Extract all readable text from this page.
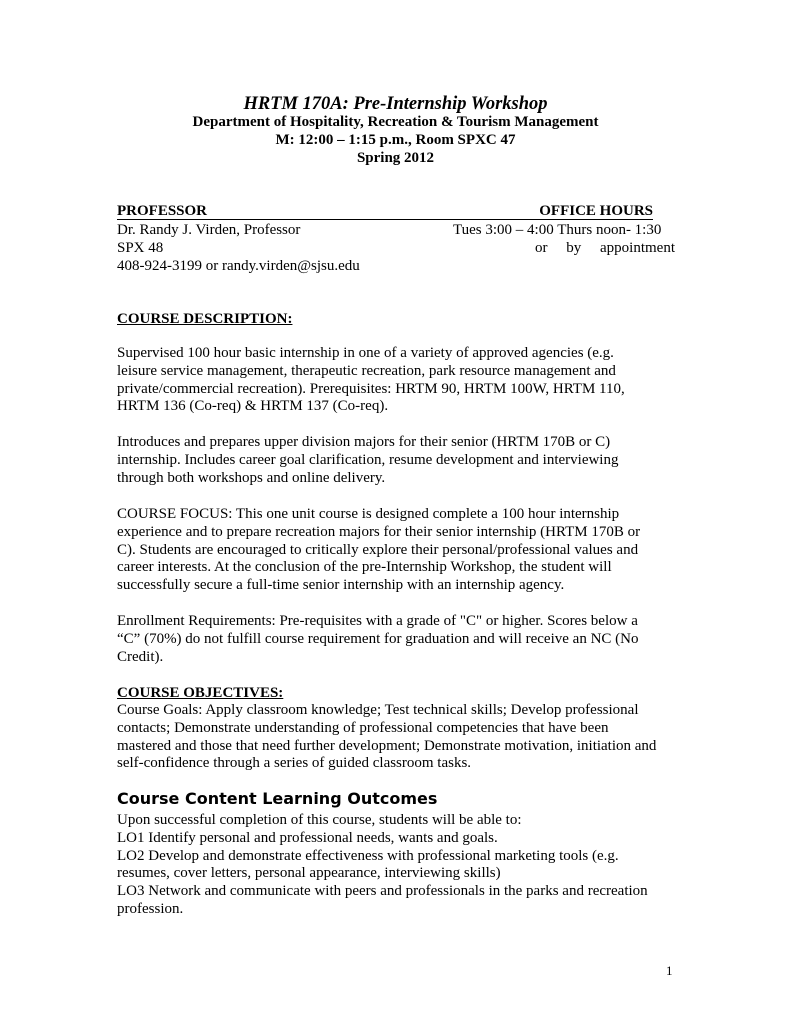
HRTM 170A: Pre-Internship Workshop
Department of Hospitality, Recreation & Tourism Management
M: 12:00 – 1:15 p.m., Room SPXC 47
Spring 2012
PROFESSOR	OFFICE HOURS
Dr. Randy J. Virden, Professor	Tues 3:00 – 4:00 Thurs noon- 1:30
SPX 48	or by appointment
408-924-3199 or randy.virden@sjsu.edu
COURSE DESCRIPTION:
Supervised 100 hour basic internship in one of a variety of approved agencies (e.g.
leisure service management, therapeutic recreation, park resource management and
private/commercial recreation). Prerequisites: HRTM 90, HRTM 100W, HRTM 110,
HRTM 136 (Co-req) & HRTM 137 (Co-req).
Introduces and prepares upper division majors for their senior (HRTM 170B or C)
internship. Includes career goal clarification, resume development and interviewing
through both workshops and online delivery.
COURSE FOCUS: This one unit course is designed complete a 100 hour internship
experience and to prepare recreation majors for their senior internship (HRTM 170B or
C). Students are encouraged to critically explore their personal/professional values and
career interests. At the conclusion of the pre-Internship Workshop, the student will
successfully secure a full-time senior internship with an internship agency.
Enrollment Requirements: Pre-requisites with a grade of "C" or higher. Scores below a
“C” (70%) do not fulfill course requirement for graduation and will receive an NC (No
Credit).
COURSE OBJECTIVES:
Course Goals: Apply classroom knowledge; Test technical skills; Develop professional
contacts; Demonstrate understanding of professional competencies that have been
mastered and those that need further development; Demonstrate motivation, initiation and
self-confidence through a series of guided classroom tasks.
Course Content Learning Outcomes
Upon successful completion of this course, students will be able to:
LO1 Identify personal and professional needs, wants and goals.
LO2 Develop and demonstrate effectiveness with professional marketing tools (e.g.
resumes, cover letters, personal appearance, interviewing skills)
LO3 Network and communicate with peers and professionals in the parks and recreation
profession.
1
